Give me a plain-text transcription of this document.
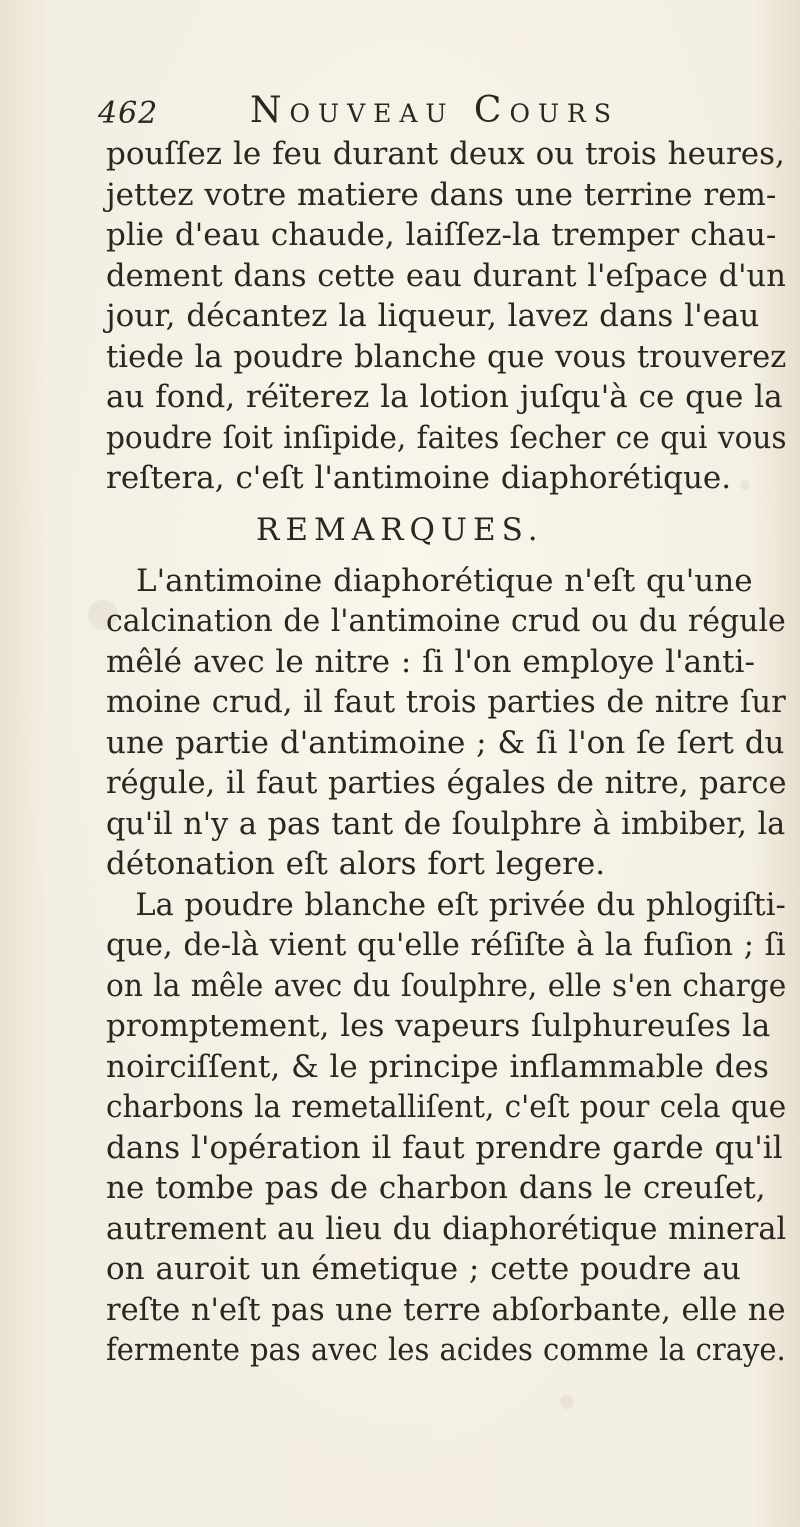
462	Nouveau Cours
pouſſez le feu durant deux ou trois heures,
jettez votre matiere dans une terrine rem-
plie d'eau chaude, laiſſez-la tremper chau-
dement dans cette eau durant l'eſpace d'un
jour, décantez la liqueur, lavez dans l'eau
tiede la poudre blanche que vous trouverez
au fond, réïterez la lotion juſqu'à ce que la
poudre ſoit inſipide, faites ſecher ce qui vous
reſtera, c'eſt l'antimoine diaphorétique.
REMARQUES.
L'antimoine diaphorétique n'eſt qu'une
calcination de l'antimoine crud ou du régule
mêlé avec le nitre : ſi l'on employe l'anti-
moine crud, il faut trois parties de nitre ſur
une partie d'antimoine ; & ſi l'on ſe ſert du
régule, il faut parties égales de nitre, parce
qu'il n'y a pas tant de ſoulphre à imbiber, la
détonation eſt alors fort legere.
La poudre blanche eſt privée du phlogiſti-
que, de-là vient qu'elle réſiſte à la fuſion ; ſi
on la mêle avec du ſoulphre, elle s'en charge
promptement, les vapeurs ſulphureuſes la
noirciſſent, & le principe inflammable des
charbons la remetalliſent, c'eſt pour cela que
dans l'opération il faut prendre garde qu'il
ne tombe pas de charbon dans le creuſet,
autrement au lieu du diaphorétique mineral
on auroit un émetique ; cette poudre au
reſte n'eſt pas une terre abſorbante, elle ne
fermente pas avec les acides comme la craye.
